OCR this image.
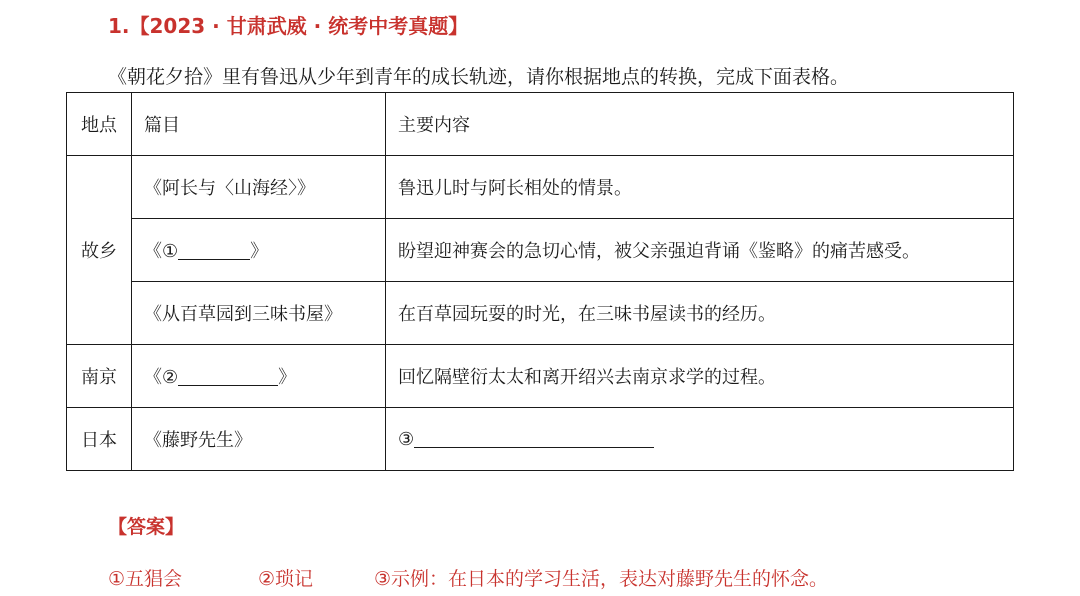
1.【2023 · 甘肃武威 · 统考中考真题】
《朝花夕拾》里有鲁迅从少年到青年的成长轨迹，请你根据地点的转换，完成下面表格。
地点	篇目	主要内容
故乡	《阿长与〈山海经〉》	鲁迅儿时与阿长相处的情景。
	《① 》	盼望迎神赛会的急切心情，被父亲强迫背诵《鉴略》的痛苦感受。
	《从百草园到三味书屋》	在百草园玩耍的时光，在三味书屋读书的经历。
南京	《② 》	回忆隔壁衍太太和离开绍兴去南京求学的过程。
日本	《藤野先生》	③
【答案】
①五猖会	②琐记	③示例：在日本的学习生活，表达对藤野先生的怀念。
